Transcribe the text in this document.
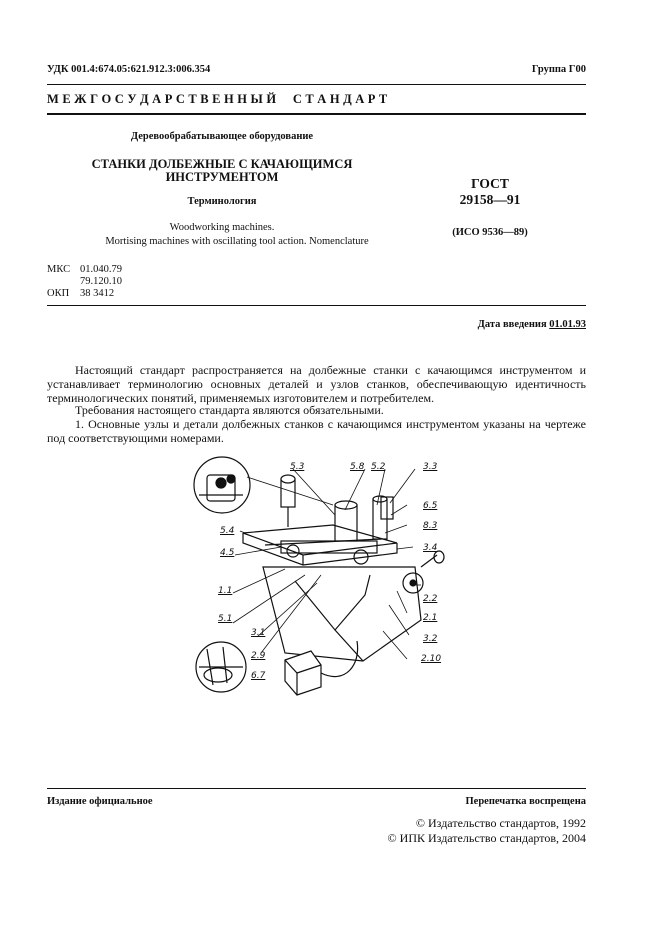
УДК 001.4:674.05:621.912.3:006.354	Группа Г00
М Е Ж Г О С У Д А Р С Т В Е Н Н Ы Й     С Т А Н Д А Р Т
Деревообрабатывающее оборудование
СТАНКИ ДОЛБЕЖНЫЕ С КАЧАЮЩИМСЯ
ИНСТРУМЕНТОМ
Терминология
Woodworking machines.
Mortising machines with oscillating tool action. Nomenclature
ГОСТ
29158—91
(ИСО 9536—89)
МКС 01.040.79
79.120.10
ОКП 38 3412
Дата введения 01.01.93
Настоящий стандарт распространяется на долбежные станки с качающимся инструментом и устанавливает терминологию основных деталей и узлов станков, обеспечивающую идентичность терминологических понятий, применяемых изготовителем и потребителем.
Требования настоящего стандарта являются обязательными.
1. Основные узлы и детали долбежных станков с качающимся инструментом указаны на чертеже под соответствующими номерами.
5.3	5.8 5.2	3.3
6.5
8.3
3.4
5.4
4.5
1.1
2.2
2.1
5.1
3.1
3.2
2.9	2.10
6.7
Издание официальное	Перепечатка воспрещена
© Издательство стандартов, 1992
© ИПК Издательство стандартов, 2004
